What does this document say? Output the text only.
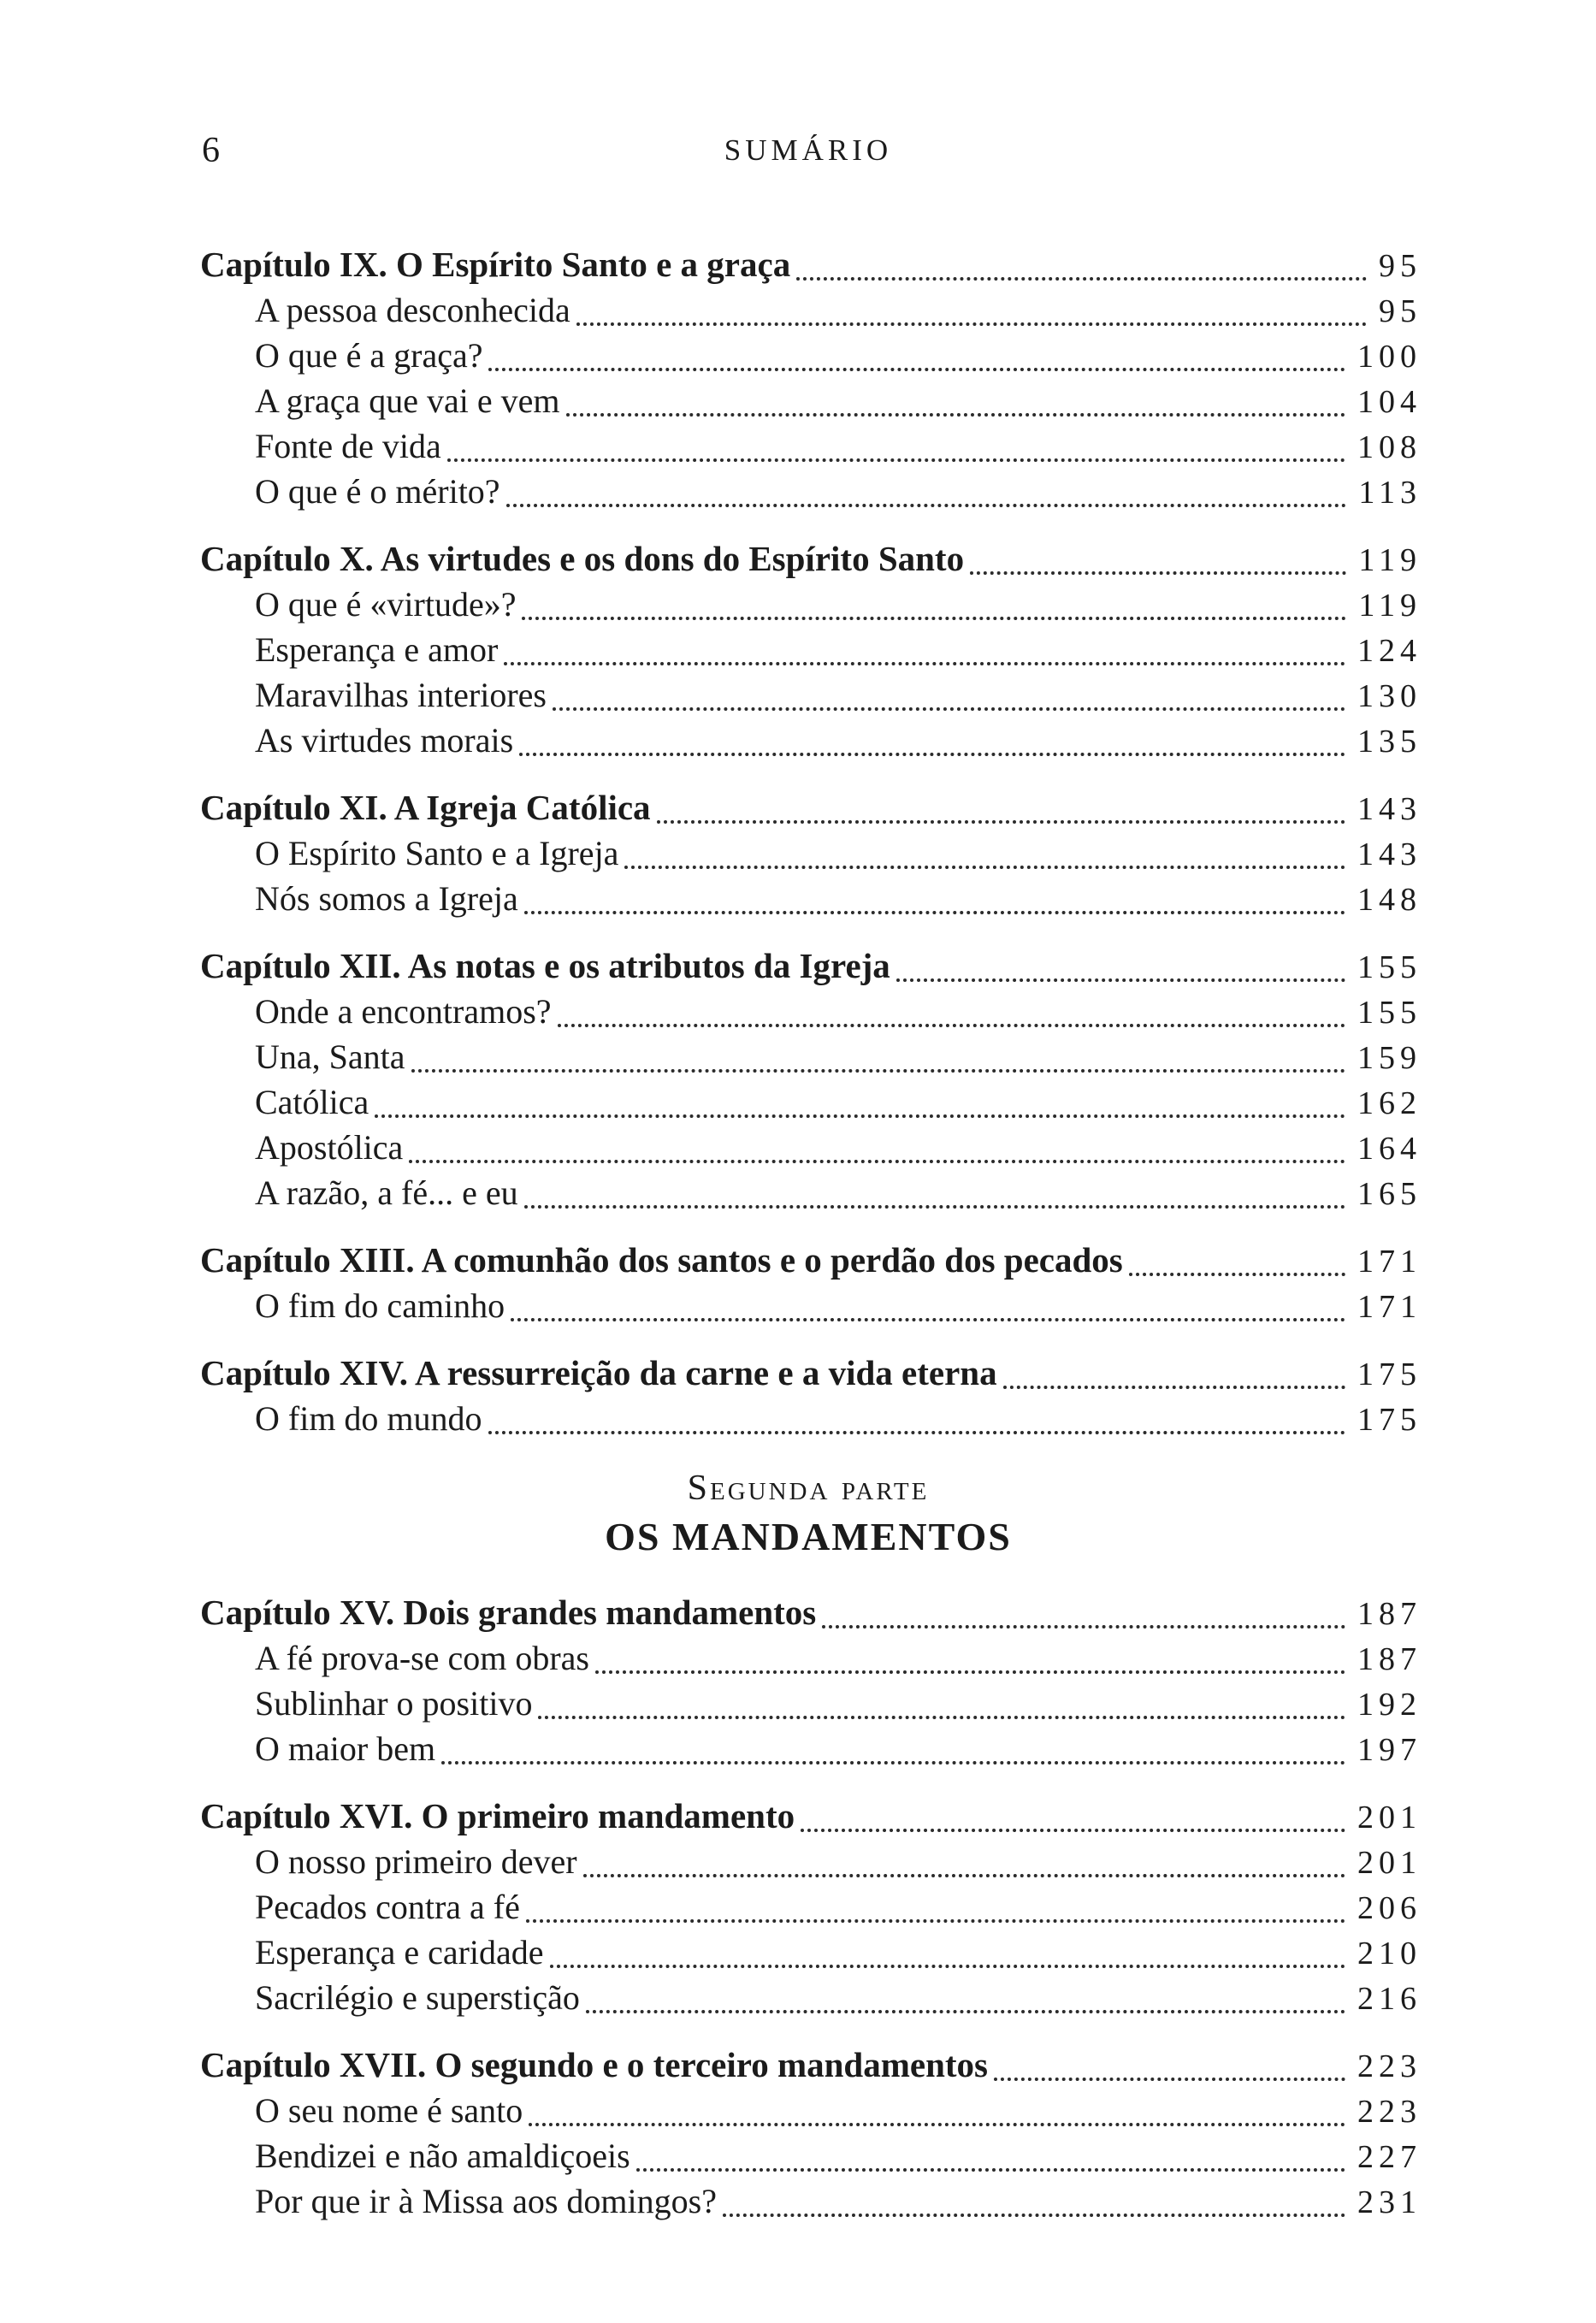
6	SUMÁRIO
Capítulo IX. O Espírito Santo e a graça	95
A pessoa desconhecida	95
O que é a graça?	100
A graça que vai e vem	104
Fonte de vida	108
O que é o mérito?	113
Capítulo X. As virtudes e os dons do Espírito Santo	119
O que é «virtude»?	119
Esperança e amor	124
Maravilhas interiores	130
As virtudes morais	135
Capítulo XI. A Igreja Católica	143
O Espírito Santo e a Igreja	143
Nós somos a Igreja	148
Capítulo XII. As notas e os atributos da Igreja	155
Onde a encontramos?	155
Una, Santa	159
Católica	162
Apostólica	164
A razão, a fé... e eu	165
Capítulo XIII. A comunhão dos santos e o perdão dos pecados	171
O fim do caminho	171
Capítulo XIV. A ressurreição da carne e a vida eterna	175
O fim do mundo	175
Segunda parte
OS MANDAMENTOS
Capítulo XV. Dois grandes mandamentos	187
A fé prova-se com obras	187
Sublinhar o positivo	192
O maior bem	197
Capítulo XVI. O primeiro mandamento	201
O nosso primeiro dever	201
Pecados contra a fé	206
Esperança e caridade	210
Sacrilégio e superstição	216
Capítulo XVII. O segundo e o terceiro mandamentos	223
O seu nome é santo	223
Bendizei e não amaldiçoeis	227
Por que ir à Missa aos domingos?	231
